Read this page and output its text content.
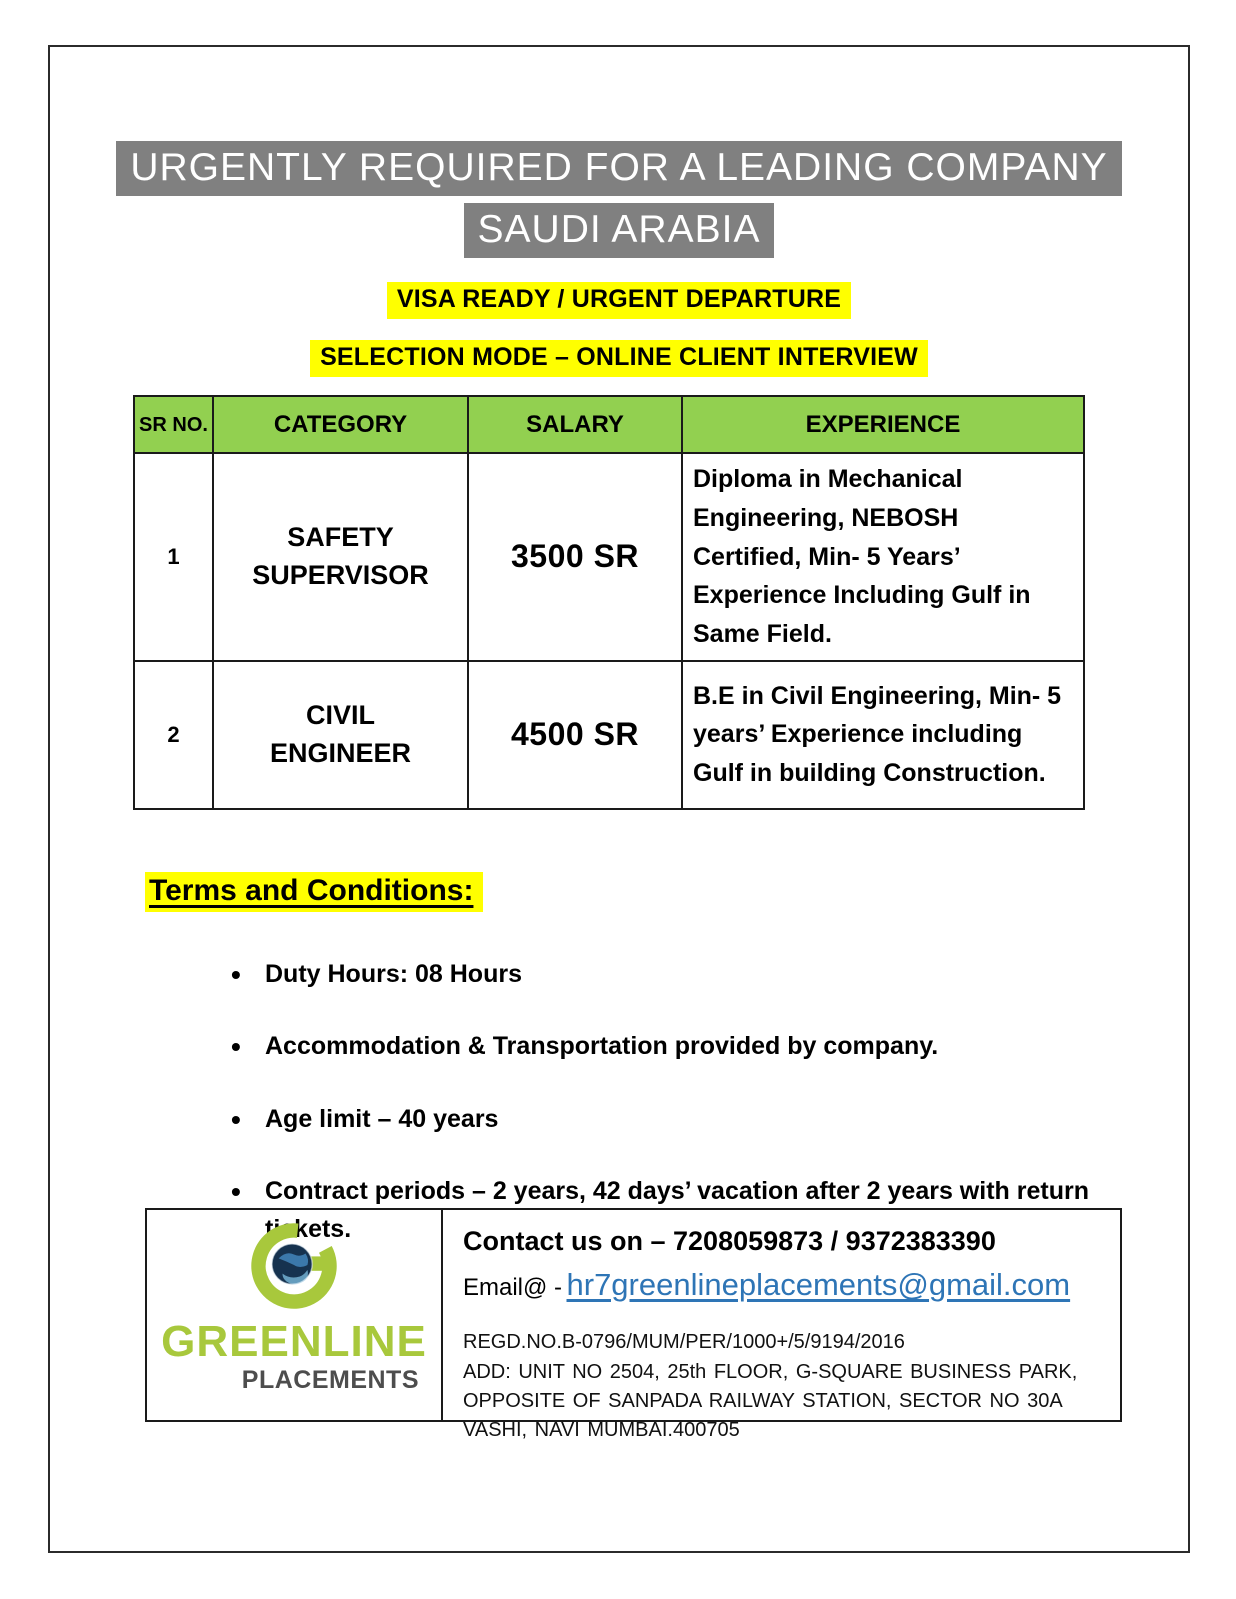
URGENTLY REQUIRED FOR A LEADING COMPANY
SAUDI ARABIA
VISA READY / URGENT DEPARTURE
SELECTION MODE – ONLINE CLIENT INTERVIEW
SR NO.	CATEGORY	SALARY	EXPERIENCE
1	SAFETY SUPERVISOR	3500 SR	Diploma in Mechanical Engineering, NEBOSH Certified, Min- 5 Years’ Experience Including Gulf in Same Field.
2	CIVIL ENGINEER	4500 SR	B.E in Civil Engineering, Min- 5 years’ Experience including Gulf in building Construction.
Terms and Conditions:
• Duty Hours: 08 Hours
• Accommodation & Transportation provided by company.
• Age limit – 40 years
• Contract periods – 2 years, 42 days’ vacation after 2 years with return tickets.
GREENLINE
PLACEMENTS
Contact us on – 7208059873 / 9372383390
Email@ - hr7greenlineplacements@gmail.com
REGD.NO.B-0796/MUM/PER/1000+/5/9194/2016
ADD: UNIT NO 2504, 25th FLOOR, G-SQUARE BUSINESS PARK, OPPOSITE OF SANPADA RAILWAY STATION, SECTOR NO 30A VASHI, NAVI MUMBAI.400705
